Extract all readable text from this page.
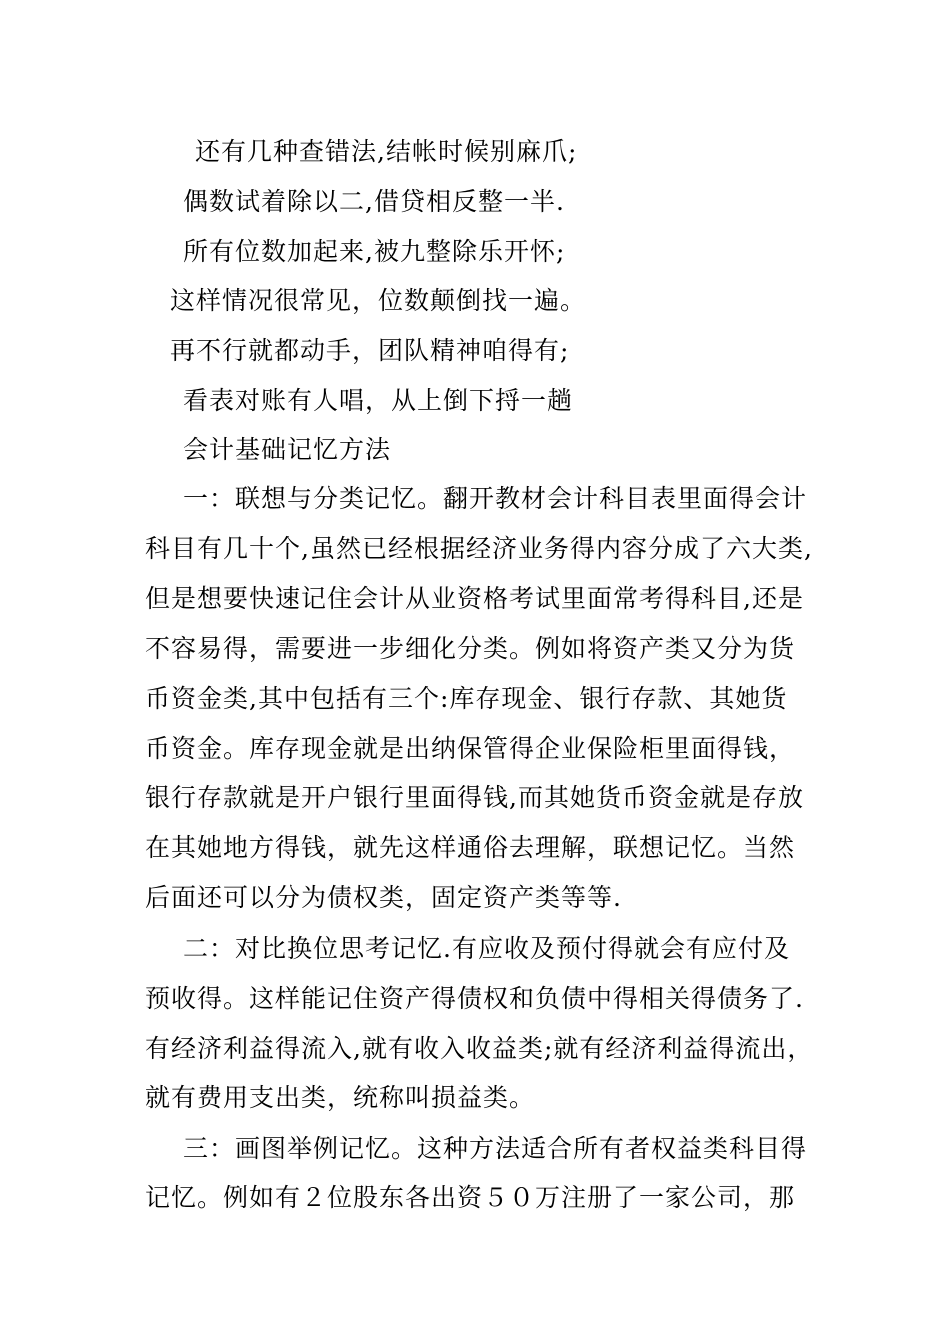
还有几种查错法,结帐时候别麻爪;
偶数试着除以二,借贷相反整一半.
所有位数加起来,被九整除乐开怀;
这样情况很常见，位数颠倒找一遍。
再不行就都动手，团队精神咱得有;
看表对账有人唱，从上倒下捋一趟
会计基础记忆方法
一：联想与分类记忆。翻开教材会计科目表里面得会计
科目有几十个,虽然已经根据经济业务得内容分成了六大类,
但是想要快速记住会计从业资格考试里面常考得科目,还是
不容易得，需要进一步细化分类。例如将资产类又分为货
币资金类,其中包括有三个:库存现金、银行存款、其她货
币资金。库存现金就是出纳保管得企业保险柜里面得钱，
银行存款就是开户银行里面得钱,而其她货币资金就是存放
在其她地方得钱，就先这样通俗去理解，联想记忆。当然
后面还可以分为债权类，固定资产类等等.
二：对比换位思考记忆.有应收及预付得就会有应付及
预收得。这样能记住资产得债权和负债中得相关得债务了.
有经济利益得流入,就有收入收益类;就有经济利益得流出，
就有费用支出类，统称叫损益类。
三：画图举例记忆。这种方法适合所有者权益类科目得
记忆。例如有２位股东各出资５０万注册了一家公司，那
